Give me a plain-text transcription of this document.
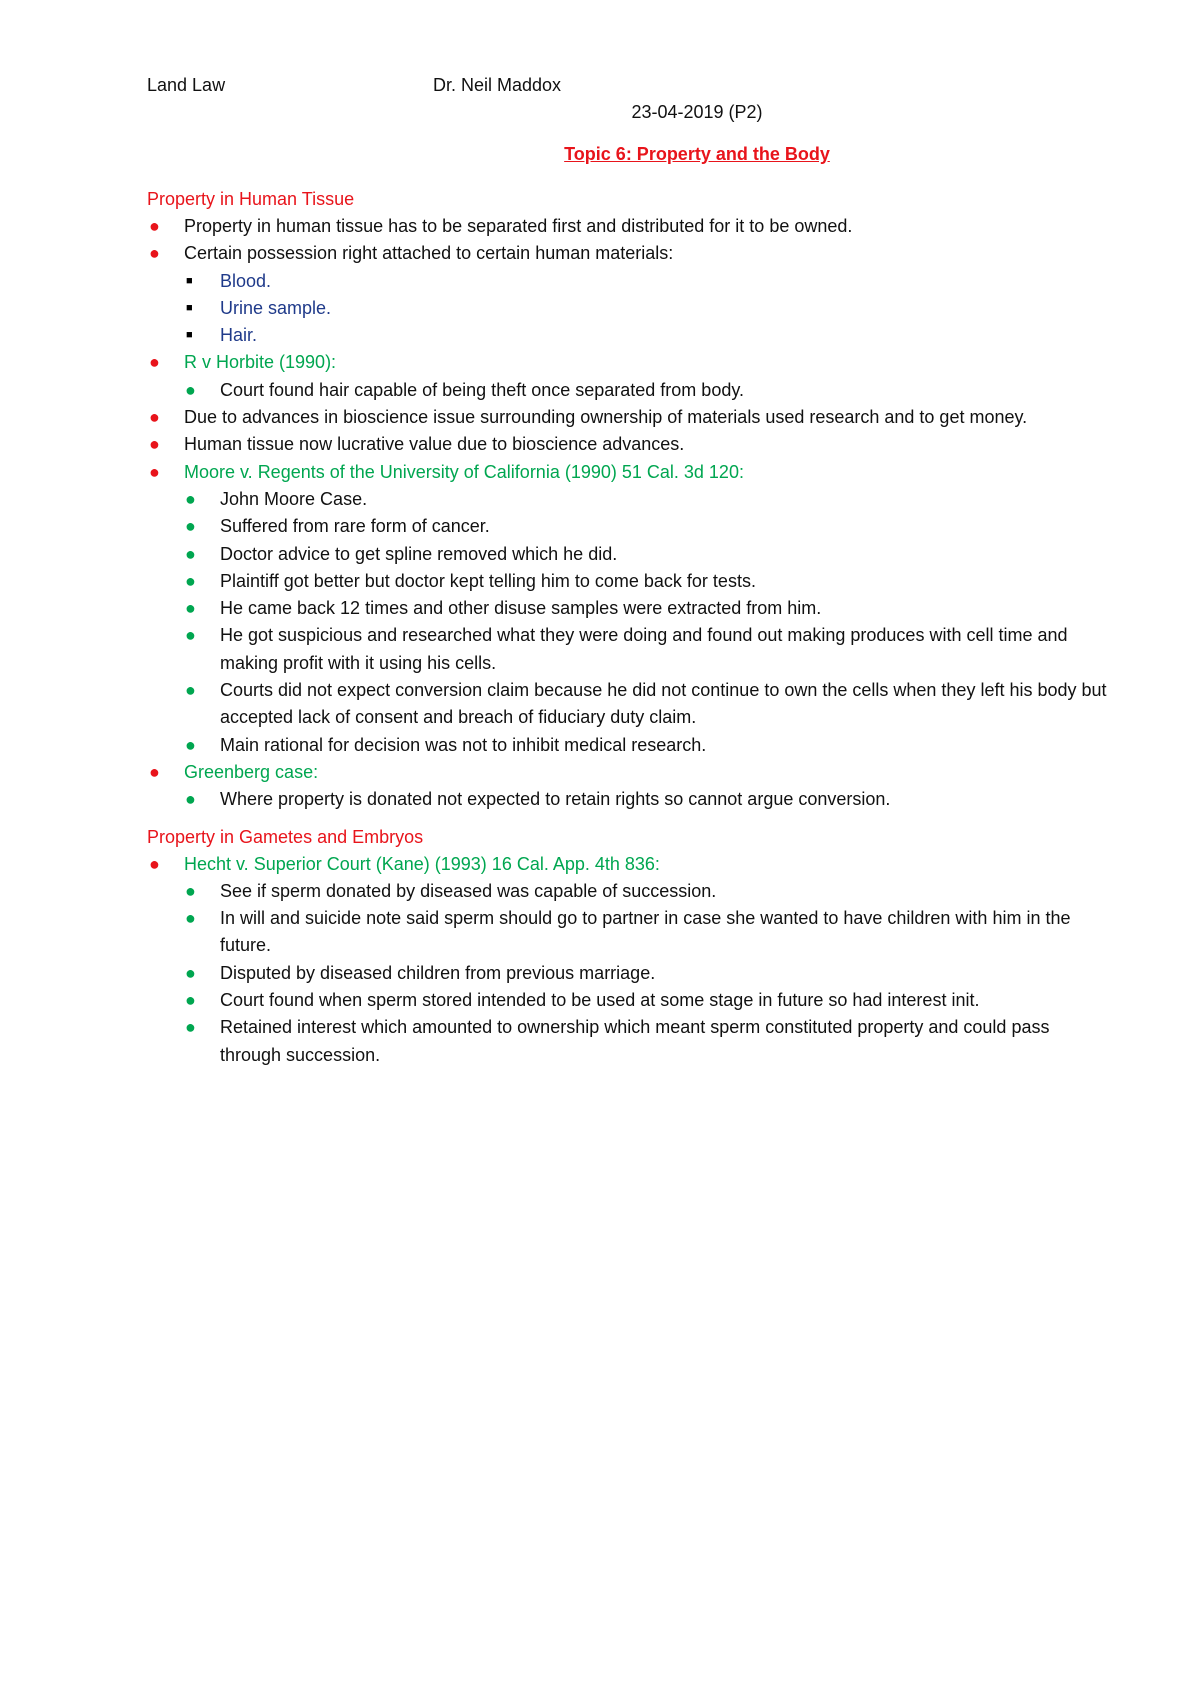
Land Law	Dr. Neil Maddox
23-04-2019 (P2)
Topic 6: Property and the Body
Property in Human Tissue
● Property in human tissue has to be separated first and distributed for it to be owned.
● Certain possession right attached to certain human materials:
■ Blood.
■ Urine sample.
■ Hair.
● R v Horbite (1990):
● Court found hair capable of being theft once separated from body.
● Due to advances in bioscience issue surrounding ownership of materials used research and to get money.
● Human tissue now lucrative value due to bioscience advances.
● Moore v. Regents of the University of California (1990) 51 Cal. 3d 120:
● John Moore Case.
● Suffered from rare form of cancer.
● Doctor advice to get spline removed which he did.
● Plaintiff got better but doctor kept telling him to come back for tests.
● He came back 12 times and other disuse samples were extracted from him.
● He got suspicious and researched what they were doing and found out making produces with cell time and making profit with it using his cells.
● Courts did not expect conversion claim because he did not continue to own the cells when they left his body but accepted lack of consent and breach of fiduciary duty claim.
● Main rational for decision was not to inhibit medical research.
● Greenberg case:
● Where property is donated not expected to retain rights so cannot argue conversion.
Property in Gametes and Embryos
● Hecht v. Superior Court (Kane) (1993) 16 Cal. App. 4th 836:
● See if sperm donated by diseased was capable of succession.
● In will and suicide note said sperm should go to partner in case she wanted to have children with him in the future.
● Disputed by diseased children from previous marriage.
● Court found when sperm stored intended to be used at some stage in future so had interest init.
● Retained interest which amounted to ownership which meant sperm constituted property and could pass through succession.
